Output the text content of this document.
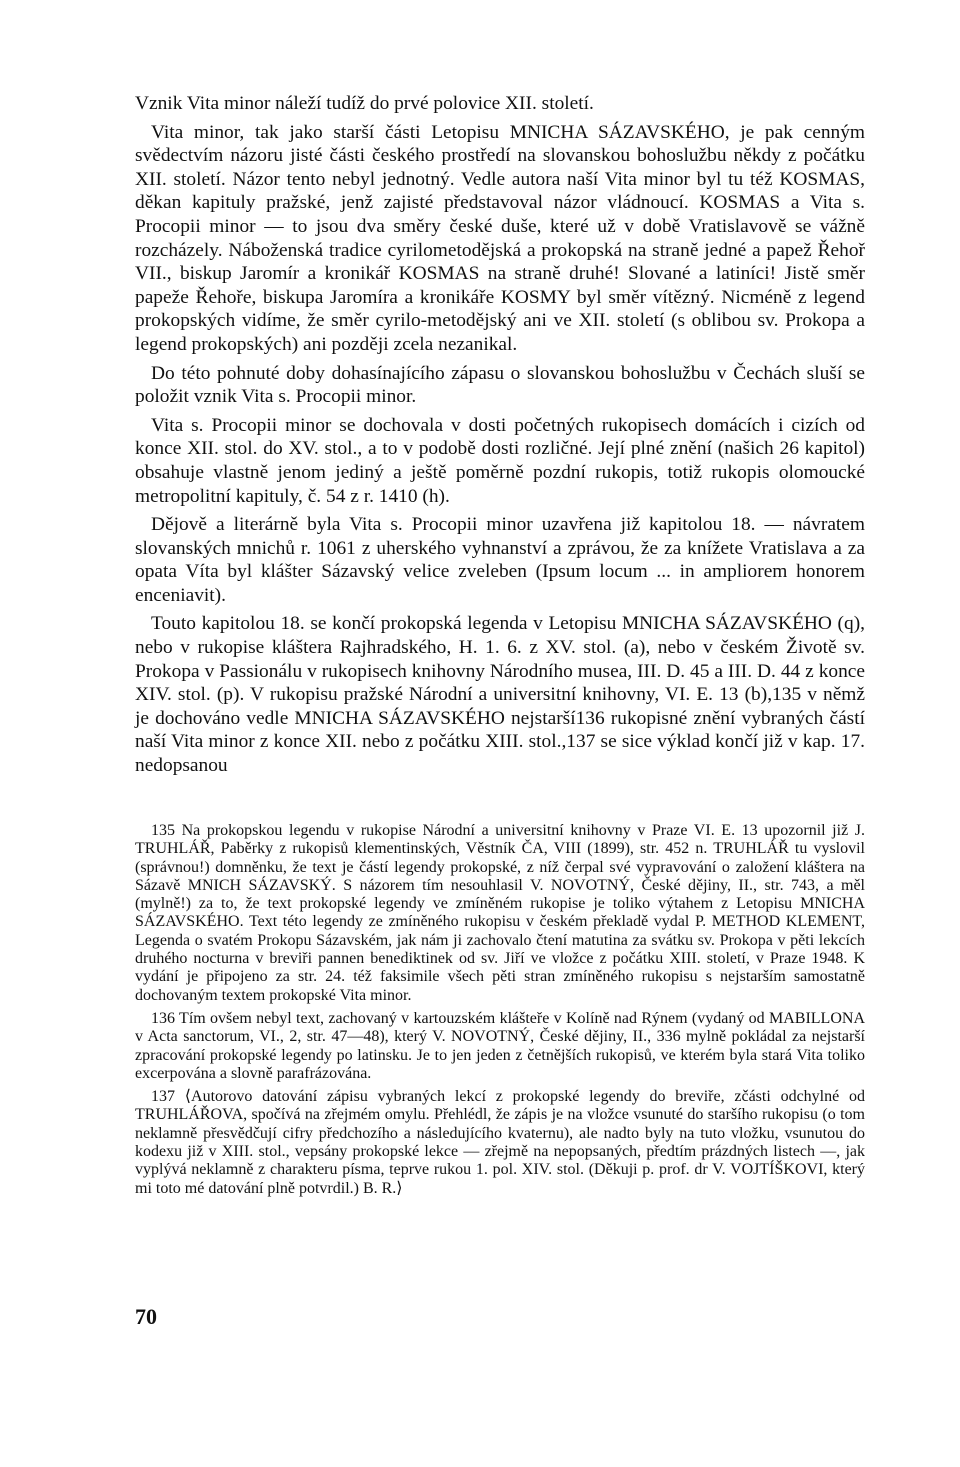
Vznik Vita minor náleží tudíž do prvé polovice XII. století.

Vita minor, tak jako starší části Letopisu MNICHA SÁZAVSKÉHO, je pak cenným svědectvím názoru jisté části českého prostředí na slovanskou bohoslužbu někdy z počátku XII. století. Názor tento nebyl jednotný. Vedle autora naší Vita minor byl tu též KOSMAS, děkan kapituly pražské, jenž zajisté představoval názor vládnoucí. KOSMAS a Vita s. Procopii minor — to jsou dva směry české duše, které už v době Vratislavově se vážně rozcházely. Náboženská tradice cyrilometodějská a prokopská na straně jedné a papež Řehoř VII., biskup Jaromír a kronikář KOSMAS na straně druhé! Slované a latiníci! Jistě směr papeže Řehoře, biskupa Jaromíra a kronikáře KOSMY byl směr vítězný. Nicméně z legend prokopských vidíme, že směr cyrilo-metodějský ani ve XII. století (s oblibou sv. Prokopa a legend prokopských) ani později zcela nezanikal.

Do této pohnuté doby dohasínajícího zápasu o slovanskou bohoslužbu v Čechách sluší se položit vznik Vita s. Procopii minor.

Vita s. Procopii minor se dochovala v dosti početných rukopisech domácích i cizích od konce XII. stol. do XV. stol., a to v podobě dosti rozličné. Její plné znění (našich 26 kapitol) obsahuje vlastně jenom jediný a ještě poměrně pozdní rukopis, totiž rukopis olomoucké metropolitní kapituly, č. 54 z r. 1410 (h).

Dějově a literárně byla Vita s. Procopii minor uzavřena již kapitolou 18. — návratem slovanských mnichů r. 1061 z uherského vyhnanství a zprávou, že za knížete Vratislava a za opata Víta byl klášter Sázavský velice zveleben (Ipsum locum ... in ampliorem honorem enceniavit).

Touto kapitolou 18. se končí prokopská legenda v Letopisu MNICHA SÁZAVSKÉHO (q), nebo v rukopise kláštera Rajhradského, H. 1. 6. z XV. stol. (a), nebo v českém Životě sv. Prokopa v Passionálu v rukopisech knihovny Národního musea, III. D. 45 a III. D. 44 z konce XIV. stol. (p). V rukopisu pražské Národní a universitní knihovny, VI. E. 13 (b),135 v němž je dochováno vedle MNICHA SÁZAVSKÉHO nejstarší136 rukopisné znění vybraných částí naší Vita minor z konce XII. nebo z počátku XIII. stol.,137 se sice výklad končí již v kap. 17. nedopsanou

135 Na prokopskou legendu v rukopise Národní a universitní knihovny v Praze VI. E. 13 upozornil již J. TRUHLÁŘ, Paběrky z rukopisů klementinských, Věstník ČA, VIII (1899), str. 452 n. TRUHLÁŘ tu vyslovil (správnou!) domněnku, že text je částí legendy prokopské, z níž čerpal své vypravování o založení kláštera na Sázavě MNICH SÁZAVSKÝ. S názorem tím nesouhlasil V. NOVOTNÝ, České dějiny, II., str. 743, a měl (mylně!) za to, že text prokopské legendy ve zmíněném rukopise je toliko výtahem z Letopisu MNICHA SÁZAVSKÉHO. Text této legendy ze zmíněného rukopisu v českém překladě vydal P. METHOD KLEMENT, Legenda o svatém Prokopu Sázavském, jak nám ji zachovalo čtení matutina za svátku sv. Prokopa v pěti lekcích druhého nocturna v breviři pannen benediktinek od sv. Jiří ve vložce z počátku XIII. století, v Praze 1948. K vydání je připojeno za str. 24. též faksimile všech pěti stran zmíněného rukopisu s nejstarším samostatně dochovaným textem prokopské Vita minor.

136 Tím ovšem nebyl text, zachovaný v kartouzském klášteře v Kolíně nad Rýnem (vydaný od MABILLONA v Acta sanctorum, VI., 2, str. 47—48), který V. NOVOTNÝ, České dějiny, II., 336 mylně pokládal za nejstarší zpracování prokopské legendy po latinsku. Je to jen jeden z četnějších rukopisů, ve kterém byla stará Vita toliko excerpována a slovně parafrázována.

137 ⟨Autorovo datování zápisu vybraných lekcí z prokopské legendy do breviře, zčásti odchylné od TRUHLÁŘOVA, spočívá na zřejmém omylu. Přehlédl, že zápis je na vložce vsunuté do staršího rukopisu (o tom neklamně přesvědčují cifry předchozího a následujícího kvaternu), ale nadto byly na tuto vložku, vsunutou do kodexu již v XIII. stol., vepsány prokopské lekce — zřejmě na nepopsaných, předtím prázdných listech —, jak vyplývá neklamně z charakteru písma, teprve rukou 1. pol. XIV. stol. (Děkuji p. prof. dr V. VOJTÍŠKOVI, který mi toto mé datování plně potvrdil.) B. R.⟩

70
